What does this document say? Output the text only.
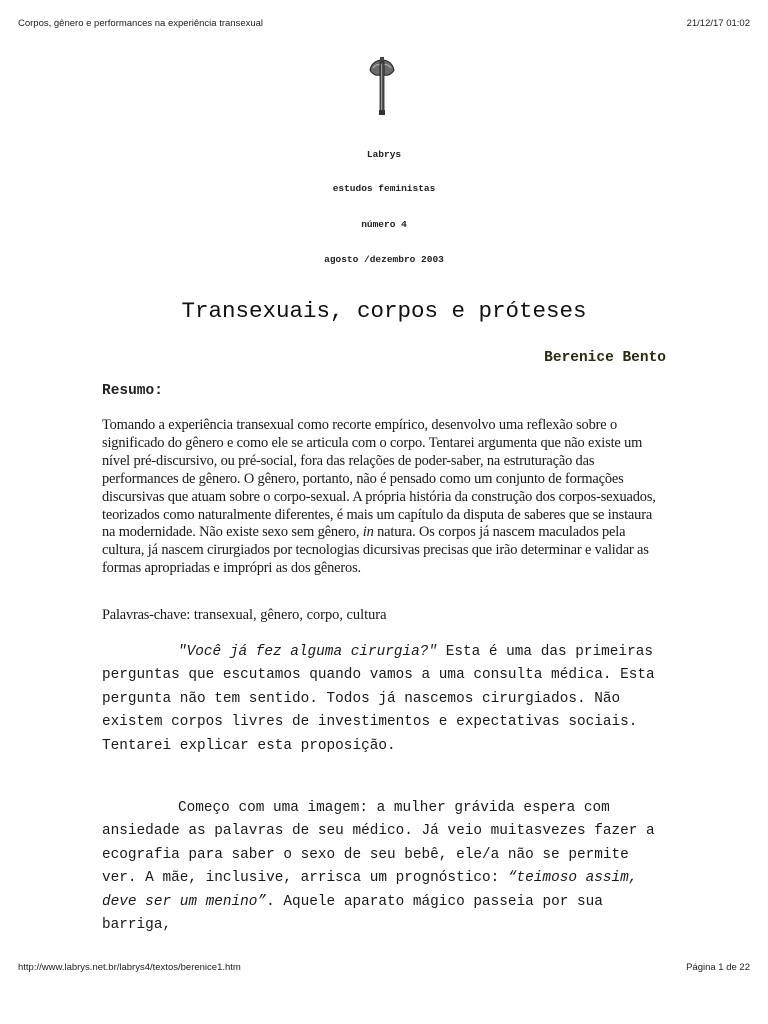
Corpos, gênero e performances na experiência transexual	21/12/17 01:02
Labrys
estudos feministas
número 4
agosto /dezembro 2003
Transexuais, corpos e próteses
Berenice Bento
Resumo:

Tomando a experiência transexual como recorte empírico, desenvolvo uma reflexão sobre o significado do gênero e como ele se articula com o corpo. Tentarei argumenta que não existe um nível pré-discursivo, ou pré-social, fora das relações de poder-saber, na estruturação das performances de gênero. O gênero, portanto, não é pensado como um conjunto de formações discursivas que atuam sobre o corpo-sexual. A própria história da construção dos corpos-sexuados, teorizados como naturalmente diferentes, é mais um capítulo da disputa de saberes que se instaura na modernidade. Não existe sexo sem gênero, in natura. Os corpos já nascem maculados pela cultura, já nascem cirurgiados por tecnologias dicursivas precisas que irão determinar e validar as formas apropriadas e imprópri as dos gêneros.

Palavras-chave: transexual, gênero, corpo, cultura

"Você já fez alguma cirurgia?" Esta é uma das primeiras perguntas que escutamos quando vamos a uma consulta médica. Esta pergunta não tem sentido. Todos já nascemos cirurgiados. Não existem corpos livres de investimentos e expectativas sociais. Tentarei explicar esta proposição.

Começo com uma imagem: a mulher grávida espera com ansiedade as palavras de seu médico. Já veio muitasvezes fazer a ecografia para saber o sexo de seu bebê, ele/a não se permite ver. A mãe, inclusive, arrisca um prognóstico: “teimoso assim, deve ser um menino”. Aquele aparato mágico passeia por sua barriga,

http://www.labrys.net.br/labrys4/textos/berenice1.htm	Página 1 de 22
